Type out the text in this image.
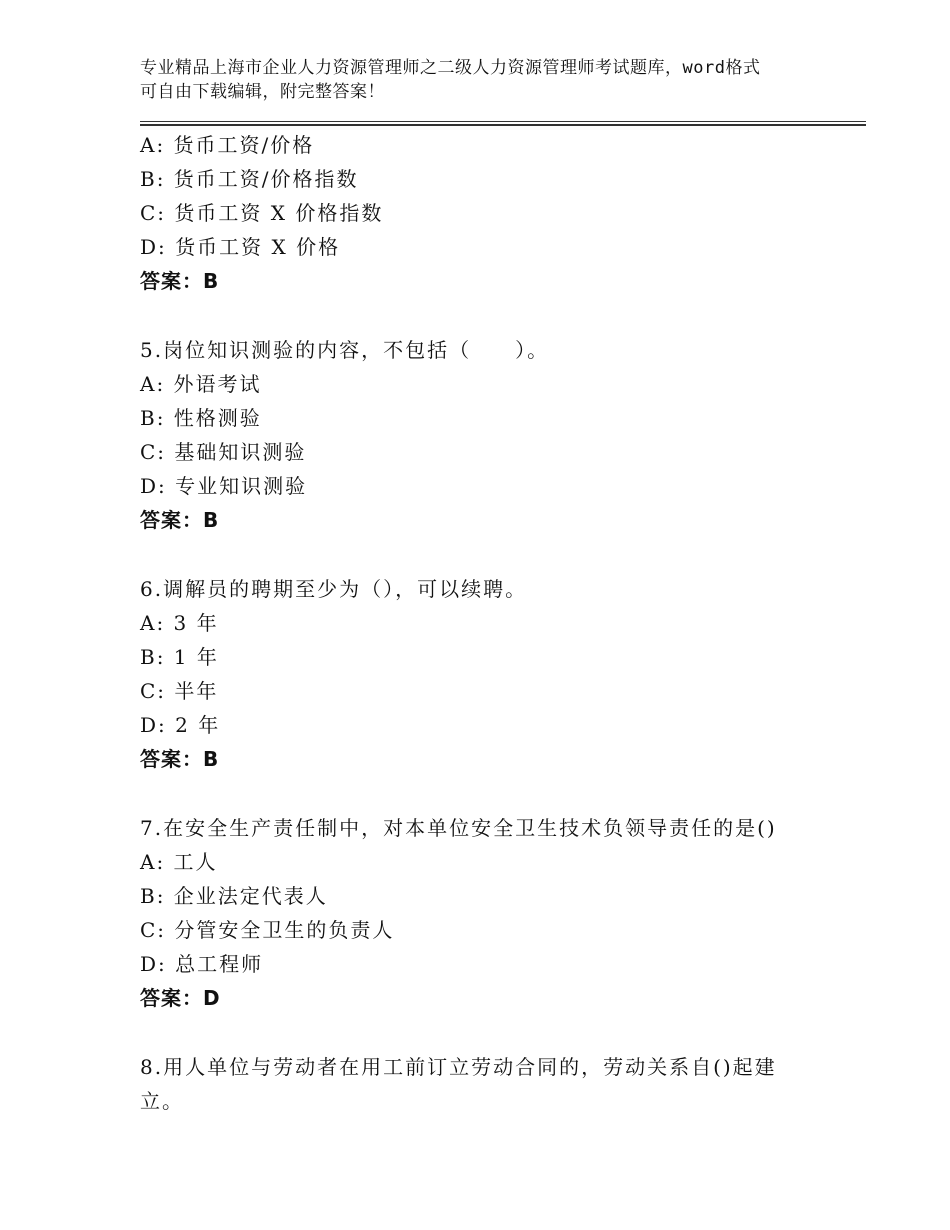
专业精品上海市企业人力资源管理师之二级人力资源管理师考试题库，word格式
可自由下载编辑，附完整答案！
A: 货币工资/价格
B: 货币工资/价格指数
C: 货币工资 X 价格指数
D: 货币工资 X 价格
答案：B
5.岗位知识测验的内容，不包括（　　）。
A: 外语考试
B: 性格测验
C: 基础知识测验
D: 专业知识测验
答案：B
6.调解员的聘期至少为（），可以续聘。
A: 3 年
B: 1 年
C: 半年
D: 2 年
答案：B
7.在安全生产责任制中，对本单位安全卫生技术负领导责任的是()
A: 工人
B: 企业法定代表人
C: 分管安全卫生的负责人
D: 总工程师
答案：D
8.用人单位与劳动者在用工前订立劳动合同的，劳动关系自()起建
立。
